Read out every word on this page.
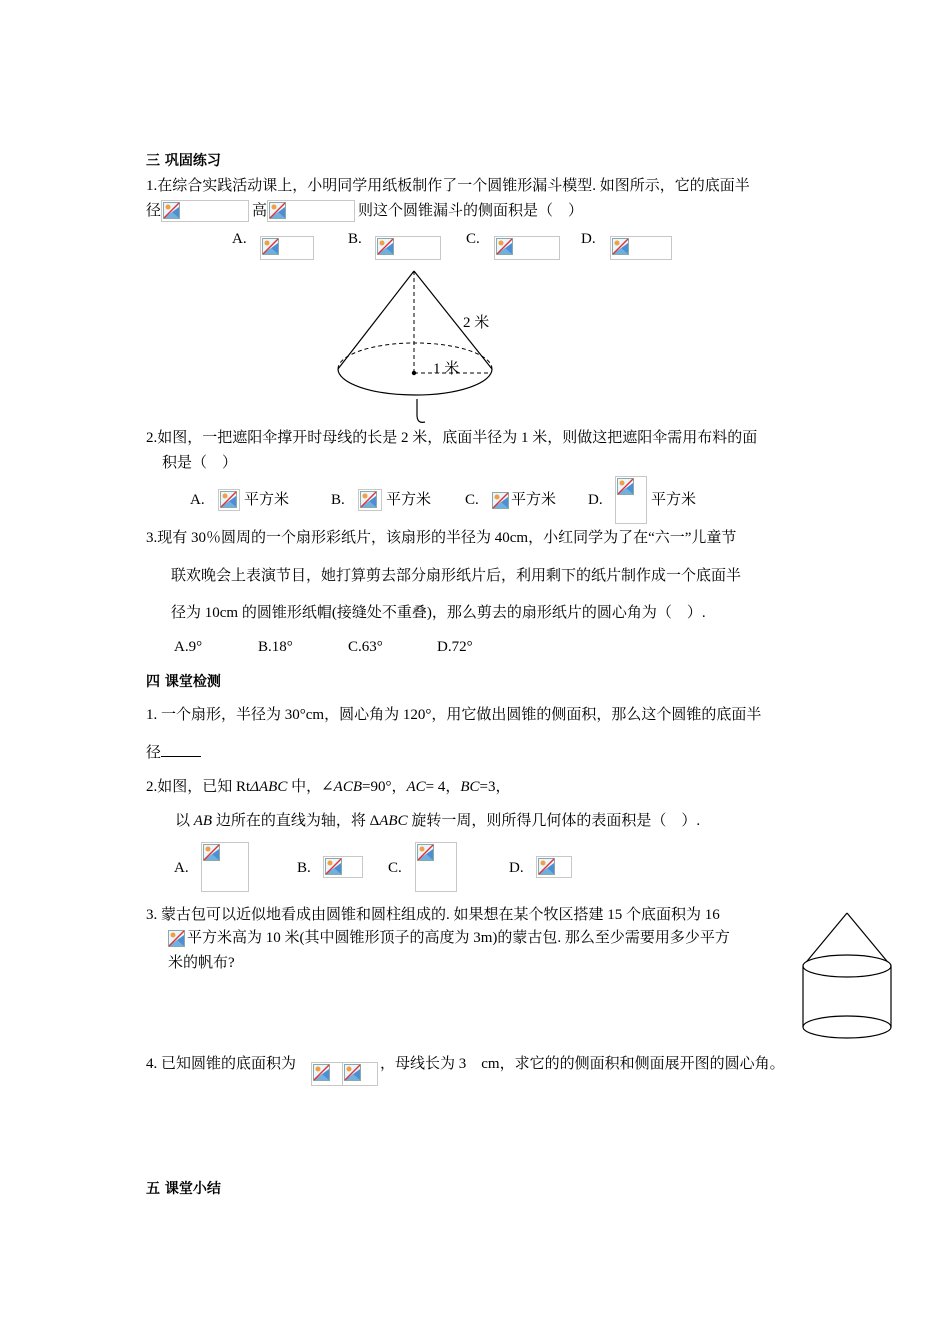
三 巩固练习
1.在综合实践活动课上，小明同学用纸板制作了一个圆锥形漏斗模型. 如图所示，它的底面半
径	高	则这个圆锥漏斗的侧面积是（　）
A.	B.	C.	D.
2 米
1 米
2.如图，一把遮阳伞撑开时母线的长是 2 米，底面半径为 1 米，则做这把遮阳伞需用布料的面
积是（　）
A.	平方米	B.	平方米 C. 平方米 D.	平方米
3.现有 30％圆周的一个扇形彩纸片，该扇形的半径为 40cm，小红同学为了在“六一”儿童节
联欢晚会上表演节目，她打算剪去部分扇形纸片后，利用剩下的纸片制作成一个底面半
径为 10cm 的圆锥形纸帽(接缝处不重叠)，那么剪去的扇形纸片的圆心角为（　）.
A.9°	B.18°	C.63°	D.72°
四 课堂检测
1. 一个扇形，半径为 30°cm，圆心角为 120°，用它做出圆锥的侧面积，那么这个圆锥的底面半
径
2.如图，已知 RtΔABC 中，∠ACB=90°，AC= 4，BC=3，
以 AB 边所在的直线为轴，将 ΔABC 旋转一周，则所得几何体的表面积是（　）.
A.	B.	C.	D.
3. 蒙古包可以近似地看成由圆锥和圆柱组成的. 如果想在某个牧区搭建 15 个底面积为 16
平方米高为 10 米(其中圆锥形顶子的高度为 3m)的蒙古包. 那么至少需要用多少平方
米的帆布?
4. 已知圆锥的底面积为	，母线长为 3　cm，求它的的侧面积和侧面展开图的圆心角。
五 课堂小结
